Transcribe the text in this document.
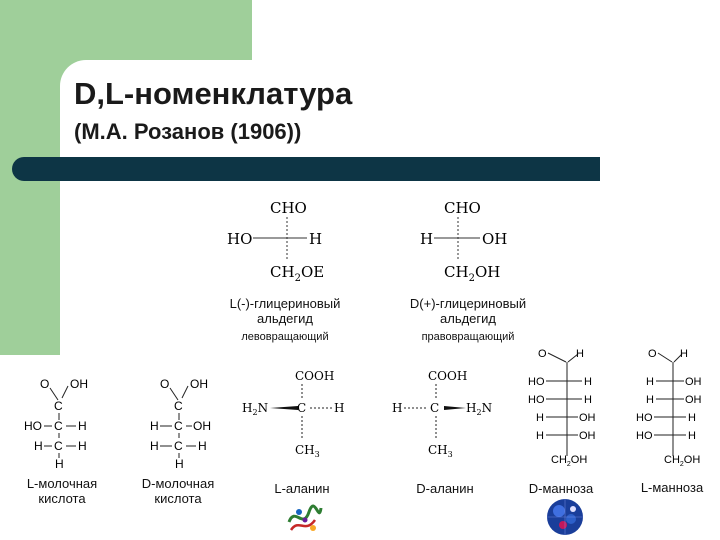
D,L-номенклатура
(М.А. Розанов (1906))
CHO
HO	H
$CH_2OE$
CHO
H	OH
$CH_2OH$
L(-)-глицериновый альдегид
D(+)-глицериновый альдегид
левовращающий	правовращающий
O OH
C
HO C H
H C H
H
O OH
C
H C OH
H C H
H
L-молочная кислота
D-молочная кислота
COOH
$H_2N$ C H
$CH_3$
COOH
H C $H_2N$
$CH_3$
L-аланин	D-аланин
O	H
HO	H
HO	H
H	OH
H	OH
$CH_2OH$
O H
H	OH
H	OH
HO	H
HO	H
$CH_2OH$
D-манноза	L-манноза
